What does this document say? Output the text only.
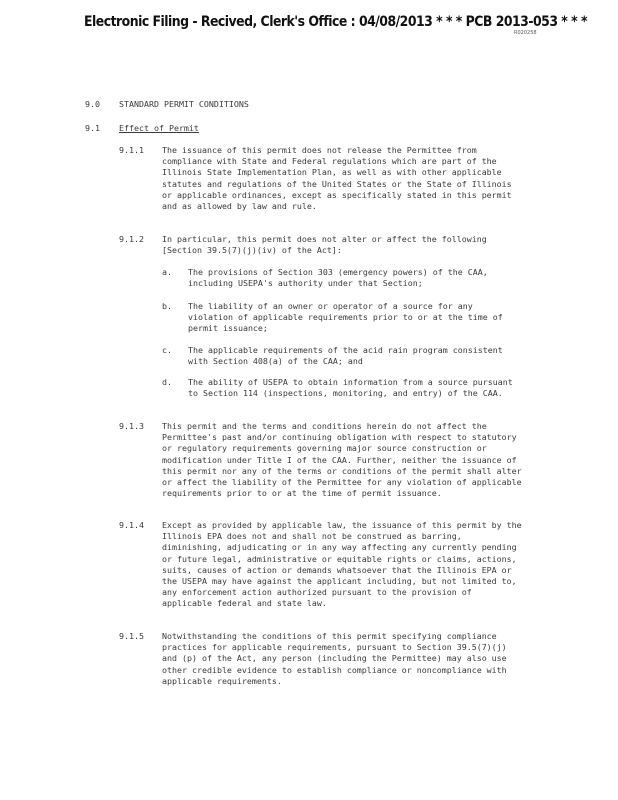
Electronic Filing - Recived, Clerk's Office : 04/08/2013 * * * PCB 2013-053 * * *
R020258
9.0 STANDARD PERMIT CONDITIONS
9.1 Effect of Permit
9.1.1 The issuance of this permit does not release the Permittee from compliance with State and Federal regulations which are part of the Illinois State Implementation Plan, as well as with other applicable statutes and regulations of the United States or the State of Illinois or applicable ordinances, except as specifically stated in this permit and as allowed by law and rule.

9.1.2 In particular, this permit does not alter or affect the following [Section 39.5(7)(j)(iv) of the Act]:

a. The provisions of Section 303 (emergency powers) of the CAA, including USEPA's authority under that Section;

b. The liability of an owner or operator of a source for any violation of applicable requirements prior to or at the time of permit issuance;

c. The applicable requirements of the acid rain program consistent with Section 408(a) of the CAA; and

d. The ability of USEPA to obtain information from a source pursuant to Section 114 (inspections, monitoring, and entry) of the CAA.

9.1.3 This permit and the terms and conditions herein do not affect the Permittee's past and/or continuing obligation with respect to statutory or regulatory requirements governing major source construction or modification under Title I of the CAA. Further, neither the issuance of this permit nor any of the terms or conditions of the permit shall alter or affect the liability of the Permittee for any violation of applicable requirements prior to or at the time of permit issuance.

9.1.4 Except as provided by applicable law, the issuance of this permit by the Illinois EPA does not and shall not be construed as barring, diminishing, adjudicating or in any way affecting any currently pending or future legal, administrative or equitable rights or claims, actions, suits, causes of action or demands whatsoever that the Illinois EPA or the USEPA may have against the applicant including, but not limited to, any enforcement action authorized pursuant to the provision of applicable federal and state law.

9.1.5 Notwithstanding the conditions of this permit specifying compliance practices for applicable requirements, pursuant to Section 39.5(7)(j) and (p) of the Act, any person (including the Permittee) may also use other credible evidence to establish compliance or noncompliance with applicable requirements.
